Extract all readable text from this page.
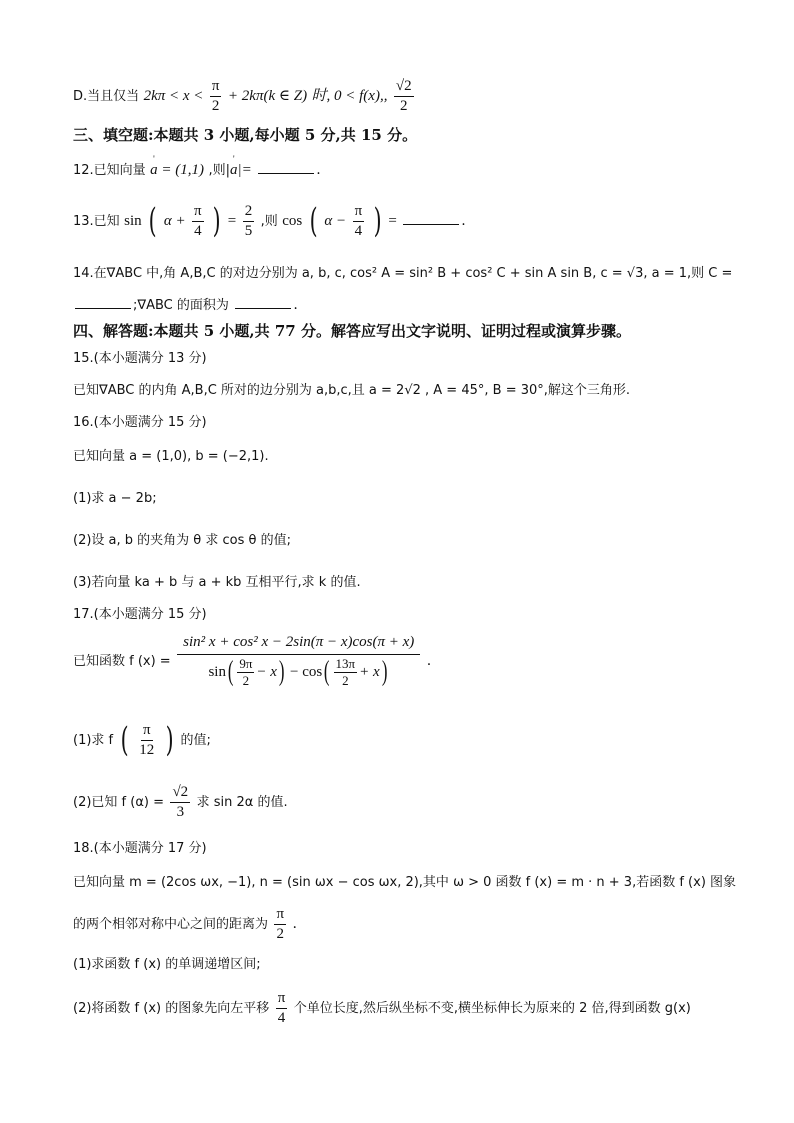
D.当且仅当 $2k\pi < x < \frac{\pi}{2} + 2k\pi(k$ ∈ Z) 时, 0 < f(x),, $\frac{√2}{2}$
三、填空题:本题共 3 小题,每小题 5 分,共 15 分。
12.已知向量 ' a = (1,1) ,则|' a|=	.
13.已知 sin ( $\alpha + \frac{\pi}{4}$ ) = $\frac{2}{5}$ ,则 cos ( $\alpha - \frac{\pi}{4}$ ) =	.
14.在∇ABC 中,角 A,B,C 的对边分别为 a, b, c, cos² A = sin² B + cos² C + sin A sin B, c = √3, a = 1,则 C =
;∇ABC 的面积为	.
四、解答题:本题共 5 小题,共 77 分。解答应写出文字说明、证明过程或演算步骤。
15.(本小题满分 13 分)
已知∇ABC 的内角 A,B,C 所对的边分别为 a,b,c,且 a = 2√2 , A = 45°, B = 30°,解这个三角形.
16.(本小题满分 15 分)
已知向量 a = (1,0), b = (−2,1).
(1)求 a − 2b;
(2)设 a, b 的夹角为 θ 求 cos θ 的值;
(3)若向量 ka + b 与 a + kb 互相平行,求 k 的值.
17.(本小题满分 15 分)
已知函数 f $(x) = \frac{\text{sin² x + cos² x − 2sin(π − x)cos(π + x)}}{\sin( \frac{9\pi}{2} - x) - \cos( \frac{13\pi}{2} + x)}$ .
(1)求 f ( $\frac{\pi}{12}$ ) 的值;
(2)已知 f $(\alpha) = \frac{√2}{3}$ 求 sin 2α 的值.
18.(本小题满分 17 分)
已知向量 m = (2cos ωx, −1), n = (sin ωx − cos ωx, 2),其中 ω > 0 函数 f (x) = m · n + 3,若函数 f (x) 图象
的两个相邻对称中心之间的距离为 $\frac{\pi}{2}$ .
(1)求函数 f (x) 的单调递增区间;
(2)将函数 f (x) 的图象先向左平移 $\frac{\pi}{4}$ 个单位长度,然后纵坐标不变,横坐标伸长为原来的 2 倍,得到函数 g(x)
